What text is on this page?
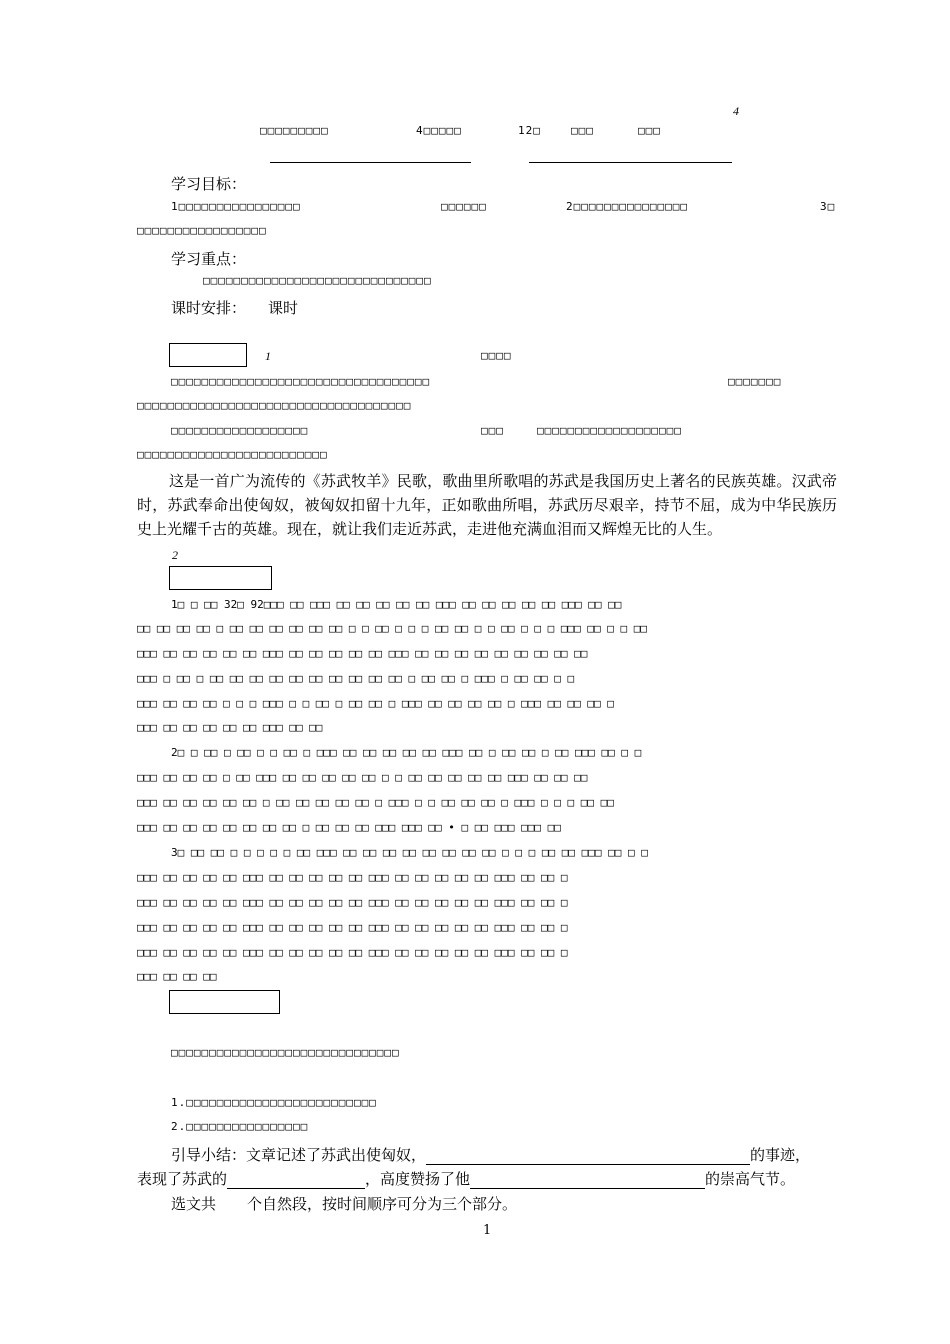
4
□□□□□□□□□	4□□□□□	12□	□□□	□□□
学习目标：
1□□□□□□□□□□□□□□□□	□□□□□□	2□□□□□□□□□□□□□□□	3□
□□□□□□□□□□□□□□□□□
学习重点：
□□□□□□□□□□□□□□□□□□□□□□□□□□□□□□
课时安排： 课时
1	□□□□
□□□□□□□□□□□□□□□□□□□□□□□□□□□□□□□□□□	□□□□□□□
□□□□□□□□□□□□□□□□□□□□□□□□□□□□□□□□□□□□
□□□□□□□□□□□□□□□□□□	□□□	□□□□□□□□□□□□□□□□□□□
□□□□□□□□□□□□□□□□□□□□□□□□□
这是一首广为流传的《苏武牧羊》民歌，歌曲里所歌唱的苏武是我国历史上著名的民族英雄。汉武帝时，苏武奉命出使匈奴，被匈奴扣留十九年，正如歌曲所唱，苏武历尽艰辛，持节不屈，成为中华民族历史上光耀千古的英雄。现在，就让我们走近苏武，走进他充满血泪而又辉煌无比的人生。
2
1□ □ □□ 32□ 92□□□ □□ □□□ □□ □□ □□ □□ □□ □□□ □□ □□ □□ □□ □□ □□□ □□ □□
□□ □□ □□ □□ □ □□ □□ □□ □□ □□ □□ □ □ □□ □ □ □ □□ □□ □ □ □□ □ □ □ □□□ □□ □ □ □□
□□□ □□ □□ □□ □□ □□ □□□ □□ □□ □□ □□ □□ □□□ □□ □□ □□ □□ □□ □□ □□ □□ □□
□□□ □ □□ □ □□ □□ □□ □□ □□ □□ □□ □□ □□ □□ □ □□ □□ □ □□□ □ □□ □□ □ □
□□□ □□ □□ □□ □ □ □ □□□ □ □ □□ □ □□ □□ □ □□□ □□ □□ □□ □□ □ □□□ □□ □□ □□ □
□□□ □□ □□ □□ □□ □□ □□□ □□ □□
2□ □ □□ □ □□ □ □ □□ □ □□□ □□ □□ □□ □□ □□ □□□ □□ □ □□ □□ □ □□ □□□ □□ □ □
□□□ □□ □□ □□ □ □□ □□□ □□ □□ □□ □□ □□ □ □ □□ □□ □□ □□ □□ □□□ □□ □□ □□
□□□ □□ □□ □□ □□ □□ □ □□ □□ □□ □□ □□ □ □□□ □ □ □□ □□ □□ □ □□□ □ □ □ □□ □□
□□□ □□ □□ □□ □□ □□ □□ □□ □ □□ □□ □□ □□□ □□□ □□ • □ □□ □□□ □□□ □□
3□ □□ □□ □ □ □ □ □ □□ □□□ □□ □□ □□ □□ □□ □□ □□ □□ □ □ □ □□ □□ □□□ □□ □ □
□□□ □□ □□ □□ □□ □□□ □□ □□ □□ □□ □□ □□□ □□ □□ □□ □□ □□ □□□ □□ □□ □
□□□ □□ □□ □□ □□ □□□ □□ □□ □□ □□ □□ □□□ □□ □□ □□ □□ □□ □□□ □□ □□ □
□□□ □□ □□ □□ □□ □□□ □□ □□ □□ □□ □□ □□□ □□ □□ □□ □□ □□ □□□ □□ □□ □
□□□ □□ □□ □□ □□ □□□ □□ □□ □□ □□ □□ □□□ □□ □□ □□ □□ □□ □□□ □□ □□ □
□□□ □□ □□ □□
□□□□□□□□□□□□□□□□□□□□□□□□□□□□□□
1.□□□□□□□□□□□□□□□□□□□□□□□□□
2.□□□□□□□□□□□□□□□□
引导小结：文章记述了苏武出使匈奴，	的事迹，
表现了苏武的	，高度赞扬了他	的崇高气节。
选文共 个自然段，按时间顺序可分为三个部分。
1
